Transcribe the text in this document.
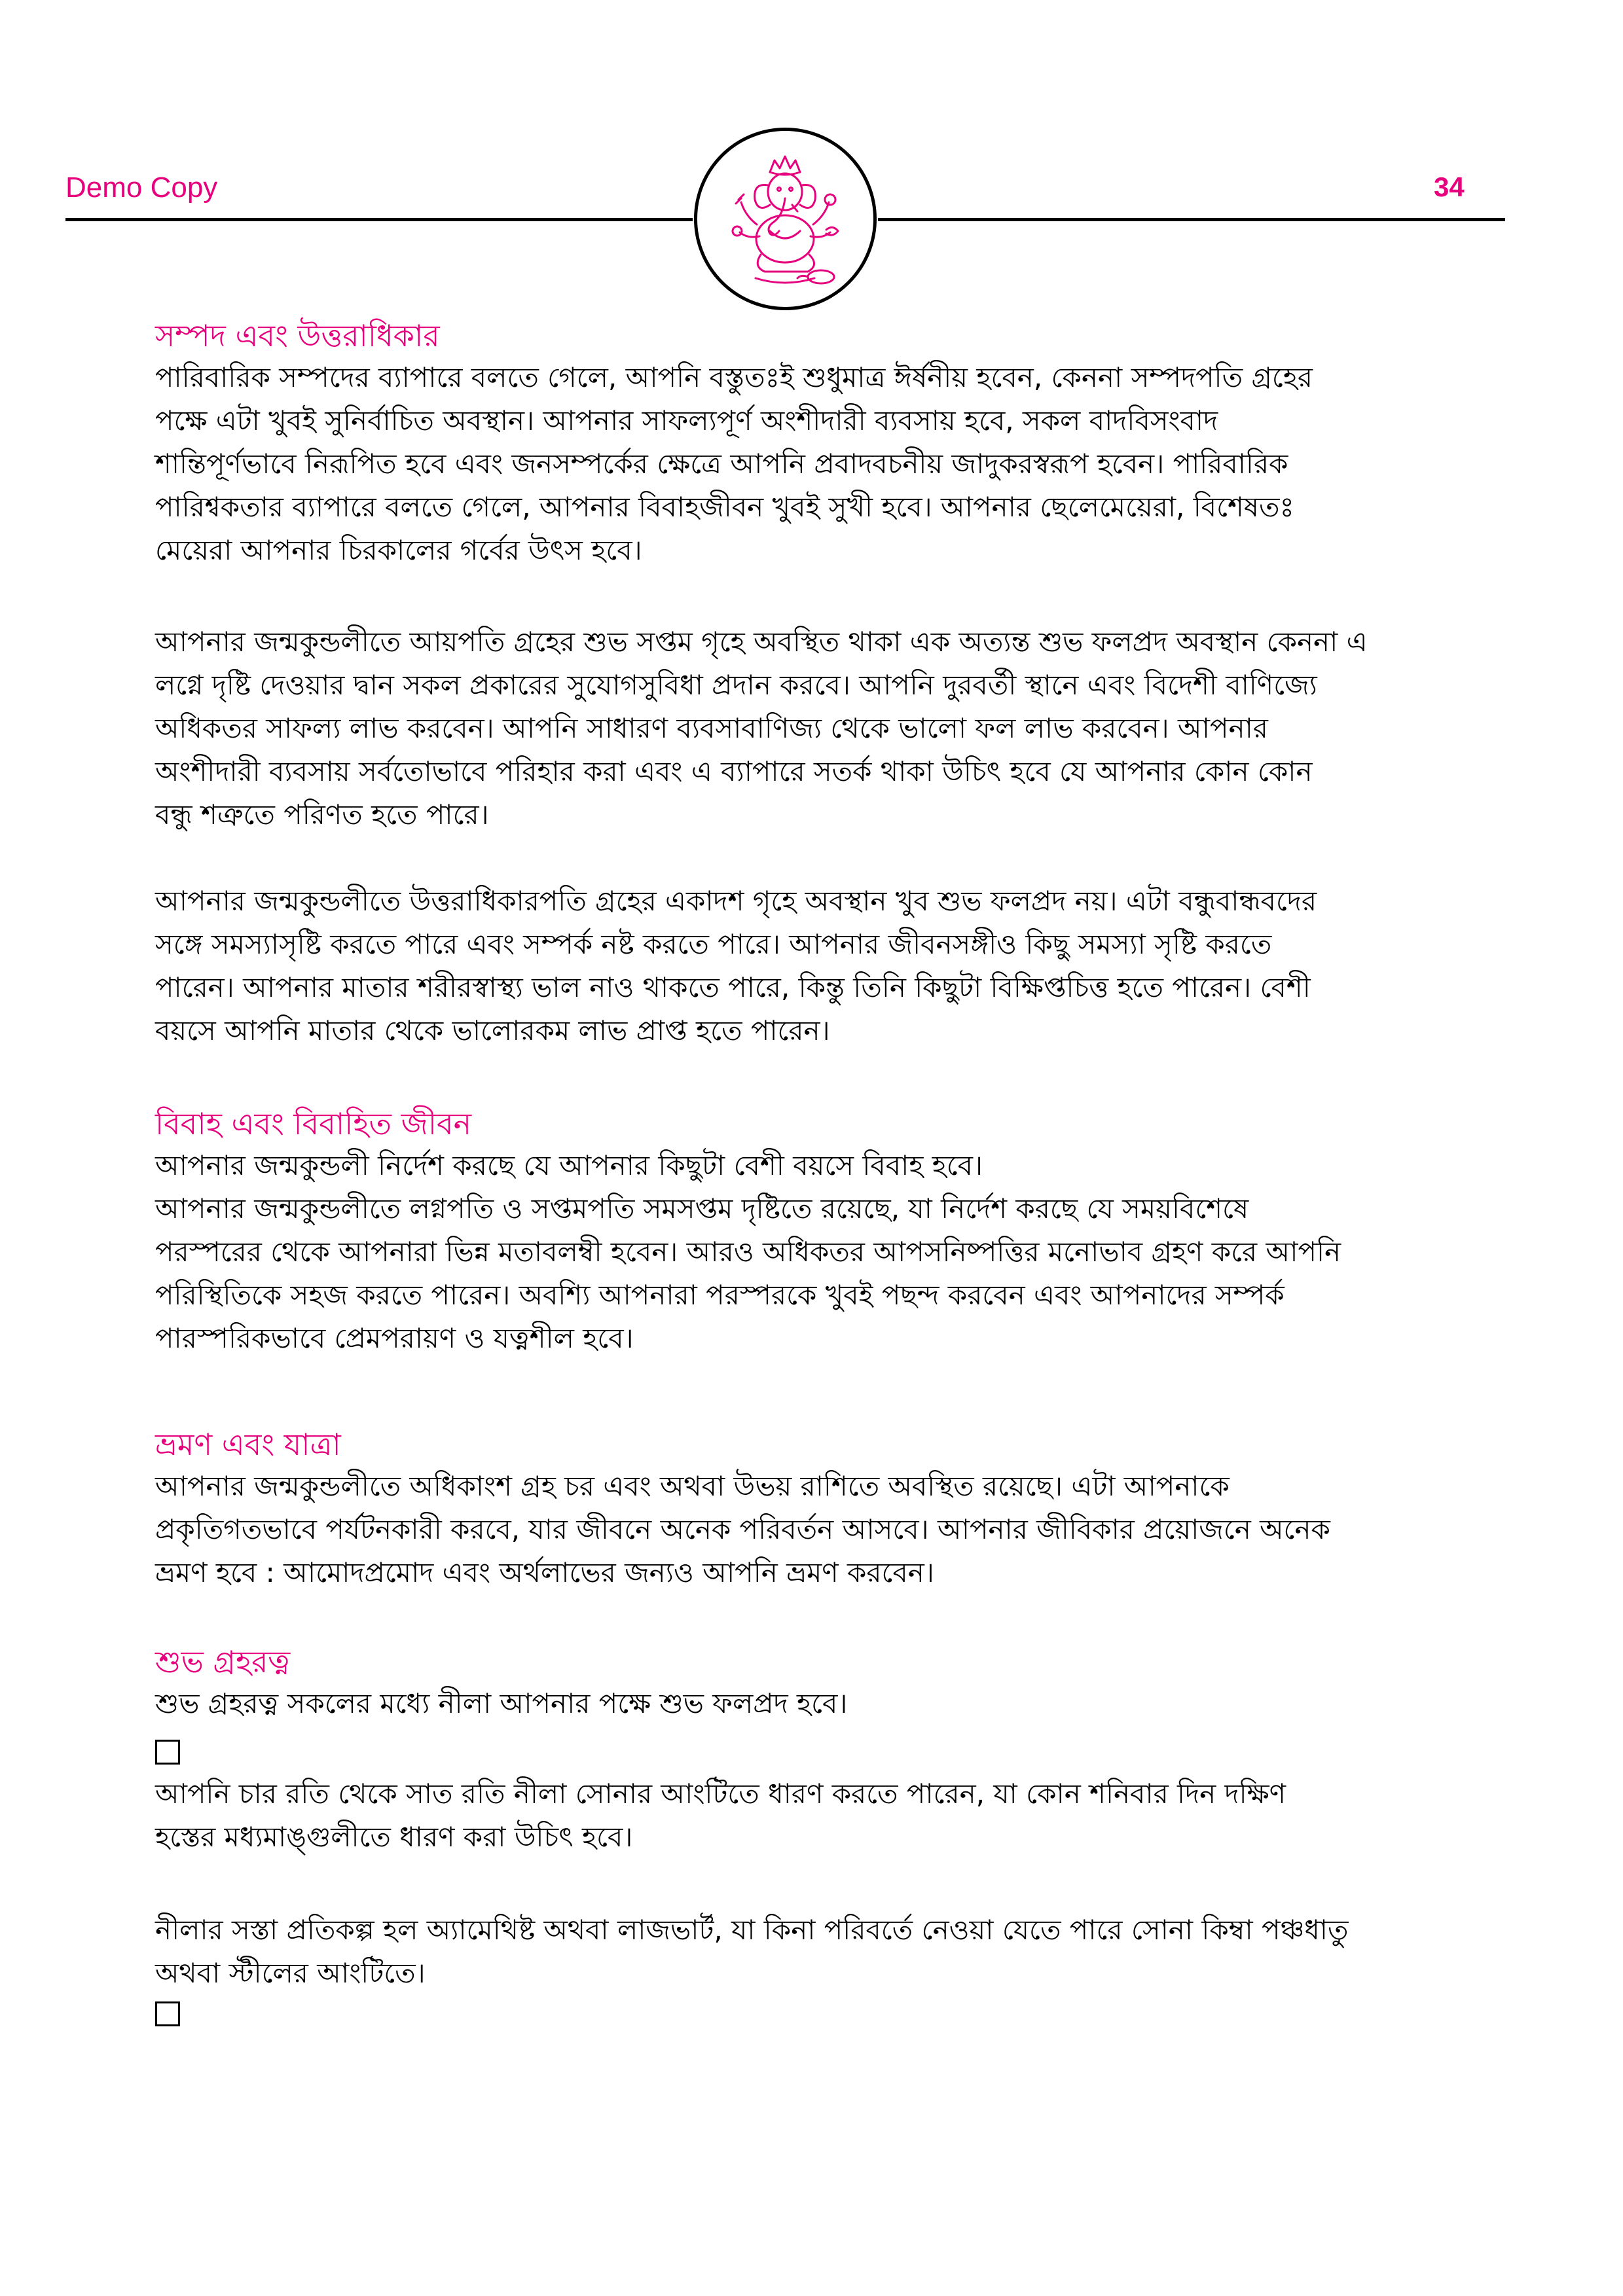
Demo Copy	34
সম্পদ এবং উত্তরাধিকার
পারিবারিক সম্পদের ব্যাপারে বলতে গেলে, আপনি বস্তুতঃই শুধুমাত্র ঈর্ষনীয় হবেন, কেননা সম্পদপতি গ্রহের
পক্ষে এটা খুবই সুনির্বাচিত অবস্থান। আপনার সাফল্যপূর্ণ অংশীদারী ব্যবসায় হবে, সকল বাদবিসংবাদ
শান্তিপূর্ণভাবে নিরূপিত হবে এবং জনসম্পর্কের ক্ষেত্রে আপনি প্রবাদবচনীয় জাদুকরস্বরূপ হবেন। পারিবারিক
পারিশ্বকতার ব্যাপারে বলতে গেলে, আপনার বিবাহজীবন খুবই সুখী হবে। আপনার ছেলেমেয়েরা, বিশেষতঃ
মেয়েরা আপনার চিরকালের গর্বের উৎস হবে।
আপনার জন্মকুন্ডলীতে আয়পতি গ্রহের শুভ সপ্তম গৃহে অবস্থিত থাকা এক অত্যন্ত শুভ ফলপ্রদ অবস্থান কেননা এ
লগ্নে দৃষ্টি দেওয়ার দ্বান সকল প্রকারের সুযোগসুবিধা প্রদান করবে। আপনি দুরবর্তী স্থানে এবং বিদেশী বাণিজ্যে
অধিকতর সাফল্য লাভ করবেন। আপনি সাধারণ ব্যবসাবাণিজ্য থেকে ভালো ফল লাভ করবেন। আপনার
অংশীদারী ব্যবসায় সর্বতোভাবে পরিহার করা এবং এ ব্যাপারে সতর্ক থাকা উচিৎ হবে যে আপনার কোন কোন
বন্ধু শত্রুতে পরিণত হতে পারে।
আপনার জন্মকুন্ডলীতে উত্তরাধিকারপতি গ্রহের একাদশ গৃহে অবস্থান খুব শুভ ফলপ্রদ নয়। এটা বন্ধুবান্ধবদের
সঙ্গে সমস্যাসৃষ্টি করতে পারে এবং সম্পর্ক নষ্ট করতে পারে। আপনার জীবনসঙ্গীও কিছু সমস্যা সৃষ্টি করতে
পারেন। আপনার মাতার শরীরস্বাস্থ্য ভাল নাও থাকতে পারে, কিন্তু তিনি কিছুটা বিক্ষিপ্তচিত্ত হতে পারেন। বেশী
বয়সে আপনি মাতার থেকে ভালোরকম লাভ প্রাপ্ত হতে পারেন।
বিবাহ এবং বিবাহিত জীবন
আপনার জন্মকুন্ডলী নির্দেশ করছে যে আপনার কিছুটা বেশী বয়সে বিবাহ হবে।
আপনার জন্মকুন্ডলীতে লগ্নপতি ও সপ্তমপতি সমসপ্তম দৃষ্টিতে রয়েছে, যা নির্দেশ করছে যে সময়বিশেষে
পরস্পরের থেকে আপনারা ভিন্ন মতাবলম্বী হবেন। আরও অধিকতর আপসনিষ্পত্তির মনোভাব গ্রহণ করে আপনি
পরিস্থিতিকে সহজ করতে পারেন। অবশ্যি আপনারা পরস্পরকে খুবই পছন্দ করবেন এবং আপনাদের সম্পর্ক
পারস্পরিকভাবে প্রেমপরায়ণ ও যত্নশীল হবে।
ভ্রমণ এবং যাত্রা
আপনার জন্মকুন্ডলীতে অধিকাংশ গ্রহ চর এবং অথবা উভয় রাশিতে অবস্থিত রয়েছে। এটা আপনাকে
প্রকৃতিগতভাবে পর্যটনকারী করবে, যার জীবনে অনেক পরিবর্তন আসবে। আপনার জীবিকার প্রয়োজনে অনেক
ভ্রমণ হবে : আমোদপ্রমোদ এবং অর্থলাভের জন্যও আপনি ভ্রমণ করবেন।
শুভ গ্রহরত্ন
শুভ গ্রহরত্ন সকলের মধ্যে নীলা আপনার পক্ষে শুভ ফলপ্রদ হবে।
আপনি চার রতি থেকে সাত রতি নীলা সোনার আংটিতে ধারণ করতে পারেন, যা কোন শনিবার দিন দক্ষিণ
হস্তের মধ্যমাঙ্গুলীতে ধারণ করা উচিৎ হবে।
নীলার সস্তা প্রতিকল্প হল অ্যামেথিষ্ট অথবা লাজভার্ট, যা কিনা পরিবর্তে নেওয়া যেতে পারে সোনা কিম্বা পঞ্চধাতু
অথবা স্টীলের আংটিতে।
